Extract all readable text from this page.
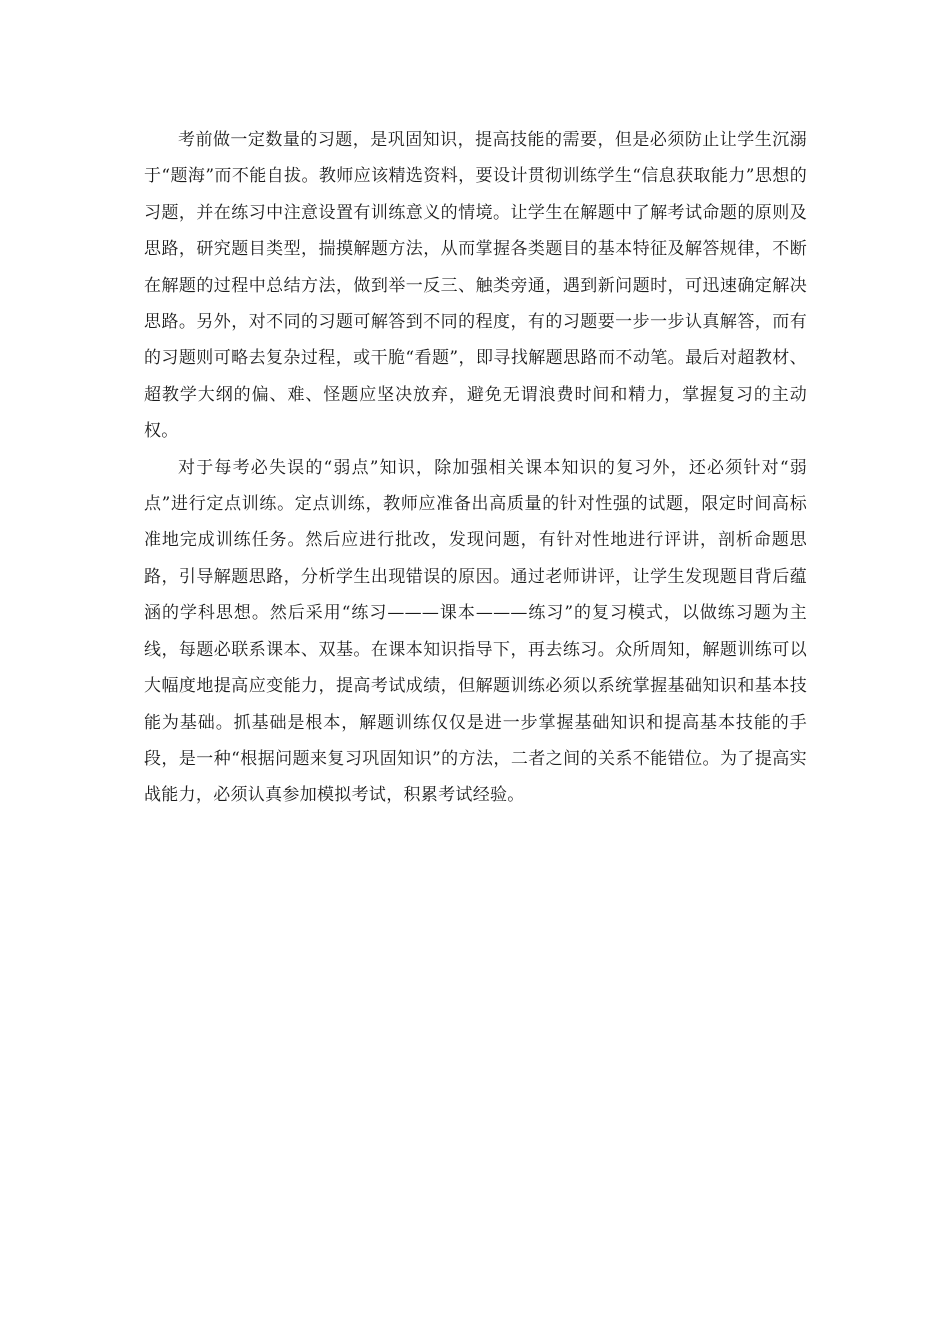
考前做一定数量的习题，是巩固知识，提高技能的需要，但是必须防止让学生沉溺于“题海”而不能自拔。教师应该精选资料，要设计贯彻训练学生“信息获取能力”思想的习题，并在练习中注意设置有训练意义的情境。让学生在解题中了解考试命题的原则及思路，研究题目类型，揣摸解题方法，从而掌握各类题目的基本特征及解答规律，不断在解题的过程中总结方法，做到举一反三、触类旁通，遇到新问题时，可迅速确定解决思路。另外，对不同的习题可解答到不同的程度，有的习题要一步一步认真解答，而有的习题则可略去复杂过程，或干脆“看题”，即寻找解题思路而不动笔。最后对超教材、超教学大纲的偏、难、怪题应坚决放弃，避免无谓浪费时间和精力，掌握复习的主动权。

对于每考必失误的“弱点”知识，除加强相关课本知识的复习外，还必须针对“弱点”进行定点训练。定点训练，教师应准备出高质量的针对性强的试题，限定时间高标准地完成训练任务。然后应进行批改，发现问题，有针对性地进行评讲，剖析命题思路，引导解题思路，分析学生出现错误的原因。通过老师讲评，让学生发现题目背后蕴涵的学科思想。然后采用“练习———课本———练习”的复习模式，以做练习题为主线，每题必联系课本、双基。在课本知识指导下，再去练习。众所周知，解题训练可以大幅度地提高应变能力，提高考试成绩，但解题训练必须以系统掌握基础知识和基本技能为基础。抓基础是根本，解题训练仅仅是进一步掌握基础知识和提高基本技能的手段，是一种“根据问题来复习巩固知识”的方法，二者之间的关系不能错位。为了提高实战能力，必须认真参加模拟考试，积累考试经验。
